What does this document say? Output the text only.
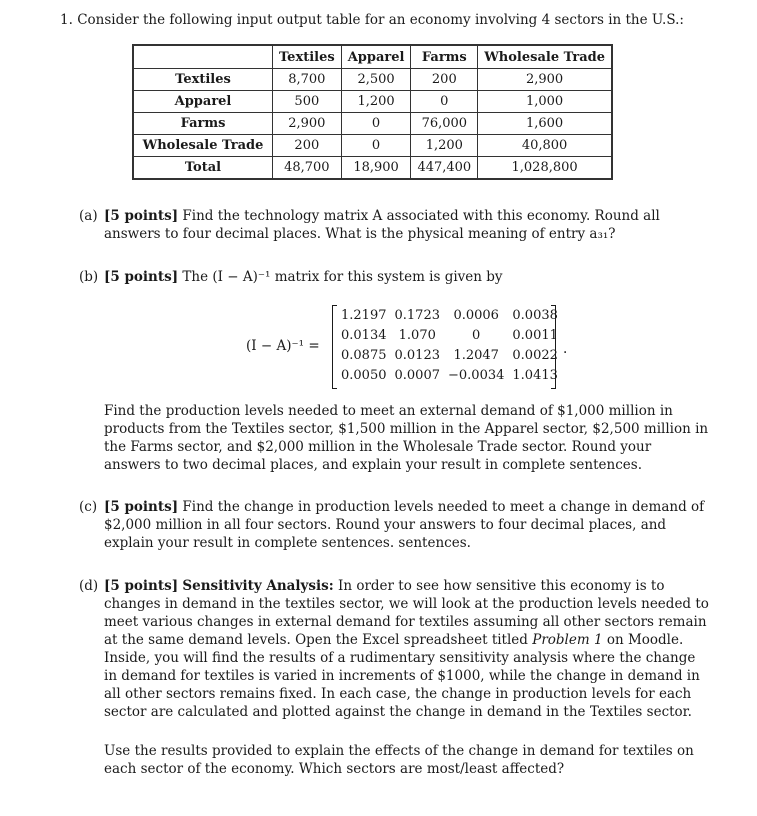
1. Consider the following input output table for an economy involving 4 sectors in the U.S.:
	Textiles	Apparel	Farms	Wholesale Trade
Textiles	8,700	2,500	200	2,900
Apparel	500	1,200	0	1,000
Farms	2,900	0	76,000	1,600
Wholesale Trade	200	0	1,200	40,800
Total	48,700	18,900	447,400	1,028,800
(a) [5 points] Find the technology matrix A associated with this economy. Round all answers to four decimal places. What is the physical meaning of entry a₃₁?
(b) [5 points] The (I − A)⁻¹ matrix for this system is given by
(I − A)⁻¹ =
1.2197	0.1723	0.0006	0.0038
0.0134	1.070	0	0.0011
0.0875	0.0123	1.2047	0.0022
0.0050	0.0007	−0.0034	1.0413
.
Find the production levels needed to meet an external demand of $1,000 million in products from the Textiles sector, $1,500 million in the Apparel sector, $2,500 million in the Farms sector, and $2,000 million in the Wholesale Trade sector. Round your answers to two decimal places, and explain your result in complete sentences.
(c) [5 points] Find the change in production levels needed to meet a change in demand of $2,000 million in all four sectors. Round your answers to four decimal places, and explain your result in complete sentences. sentences.
(d) [5 points] Sensitivity Analysis: In order to see how sensitive this economy is to changes in demand in the textiles sector, we will look at the production levels needed to meet various changes in external demand for textiles assuming all other sectors remain at the same demand levels. Open the Excel spreadsheet titled Problem 1 on Moodle. Inside, you will find the results of a rudimentary sensitivity analysis where the change in demand for textiles is varied in increments of $1000, while the change in demand in all other sectors remains fixed. In each case, the change in production levels for each sector are calculated and plotted against the change in demand in the Textiles sector.
Use the results provided to explain the effects of the change in demand for textiles on each sector of the economy. Which sectors are most/least affected?
